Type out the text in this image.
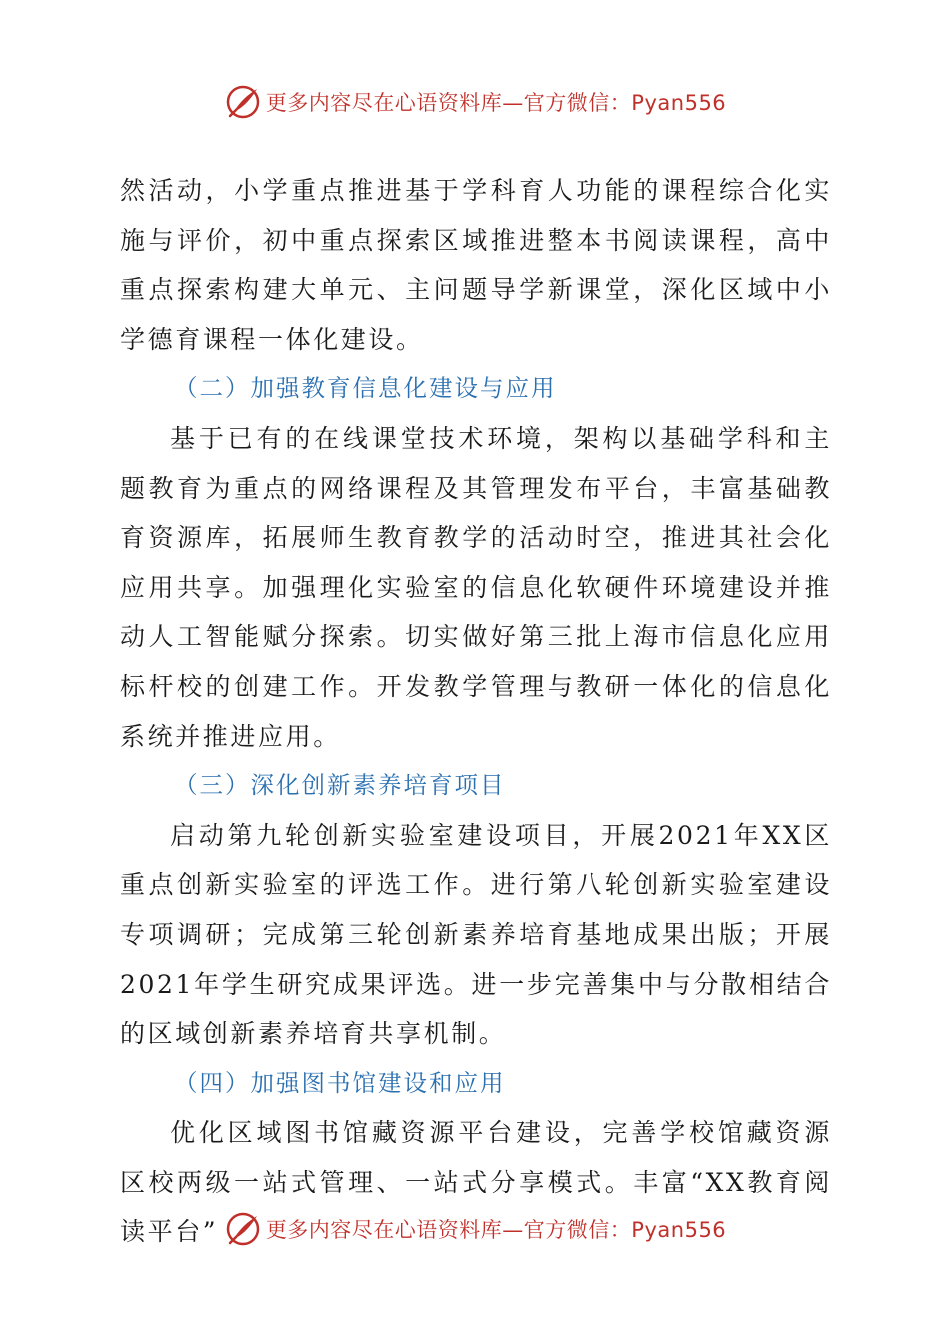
更多内容尽在心语资料库—官方微信：Pyan556

然活动，小学重点推进基于学科育人功能的课程综合化实施与评价，初中重点探索区域推进整本书阅读课程，高中重点探索构建大单元、主问题导学新课堂，深化区域中小学德育课程一体化建设。

（二）加强教育信息化建设与应用

基于已有的在线课堂技术环境，架构以基础学科和主题教育为重点的网络课程及其管理发布平台，丰富基础教育资源库，拓展师生教育教学的活动时空，推进其社会化应用共享。加强理化实验室的信息化软硬件环境建设并推动人工智能赋分探索。切实做好第三批上海市信息化应用标杆校的创建工作。开发教学管理与教研一体化的信息化系统并推进应用。

（三）深化创新素养培育项目

启动第九轮创新实验室建设项目，开展2021年XX区重点创新实验室的评选工作。进行第八轮创新实验室建设专项调研；完成第三轮创新素养培育基地成果出版；开展2021年学生研究成果评选。进一步完善集中与分散相结合的区域创新素养培育共享机制。

（四）加强图书馆建设和应用

优化区域图书馆藏资源平台建设，完善学校馆藏资源区校两级一站式管理、一站式分享模式。丰富“XX教育阅读平台”	更多内容尽在心语资料库—官方微信：Pyan556
